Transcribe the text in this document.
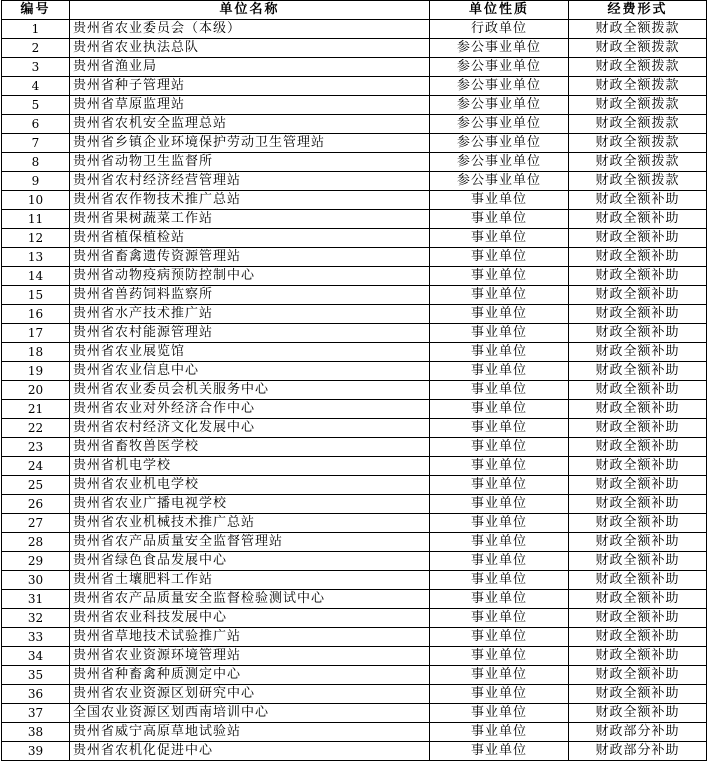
编号	单位名称	单位性质	经费形式
1	贵州省农业委员会（本级）	行政单位	财政全额拨款
2	贵州省农业执法总队	参公事业单位	财政全额拨款
3	贵州省渔业局	参公事业单位	财政全额拨款
4	贵州省种子管理站	参公事业单位	财政全额拨款
5	贵州省草原监理站	参公事业单位	财政全额拨款
6	贵州省农机安全监理总站	参公事业单位	财政全额拨款
7	贵州省乡镇企业环境保护劳动卫生管理站	参公事业单位	财政全额拨款
8	贵州省动物卫生监督所	参公事业单位	财政全额拨款
9	贵州省农村经济经营管理站	参公事业单位	财政全额拨款
10	贵州省农作物技术推广总站	事业单位	财政全额补助
11	贵州省果树蔬菜工作站	事业单位	财政全额补助
12	贵州省植保植检站	事业单位	财政全额补助
13	贵州省畜禽遗传资源管理站	事业单位	财政全额补助
14	贵州省动物疫病预防控制中心	事业单位	财政全额补助
15	贵州省兽药饲料监察所	事业单位	财政全额补助
16	贵州省水产技术推广站	事业单位	财政全额补助
17	贵州省农村能源管理站	事业单位	财政全额补助
18	贵州省农业展览馆	事业单位	财政全额补助
19	贵州省农业信息中心	事业单位	财政全额补助
20	贵州省农业委员会机关服务中心	事业单位	财政全额补助
21	贵州省农业对外经济合作中心	事业单位	财政全额补助
22	贵州省农村经济文化发展中心	事业单位	财政全额补助
23	贵州省畜牧兽医学校	事业单位	财政全额补助
24	贵州省机电学校	事业单位	财政全额补助
25	贵州省农业机电学校	事业单位	财政全额补助
26	贵州省农业广播电视学校	事业单位	财政全额补助
27	贵州省农业机械技术推广总站	事业单位	财政全额补助
28	贵州省农产品质量安全监督管理站	事业单位	财政全额补助
29	贵州省绿色食品发展中心	事业单位	财政全额补助
30	贵州省土壤肥料工作站	事业单位	财政全额补助
31	贵州省农产品质量安全监督检验测试中心	事业单位	财政全额补助
32	贵州省农业科技发展中心	事业单位	财政全额补助
33	贵州省草地技术试验推广站	事业单位	财政全额补助
34	贵州省农业资源环境管理站	事业单位	财政全额补助
35	贵州省种畜禽种质测定中心	事业单位	财政全额补助
36	贵州省农业资源区划研究中心	事业单位	财政全额补助
37	全国农业资源区划西南培训中心	事业单位	财政全额补助
38	贵州省威宁高原草地试验站	事业单位	财政部分补助
39	贵州省农机化促进中心	事业单位	财政部分补助
